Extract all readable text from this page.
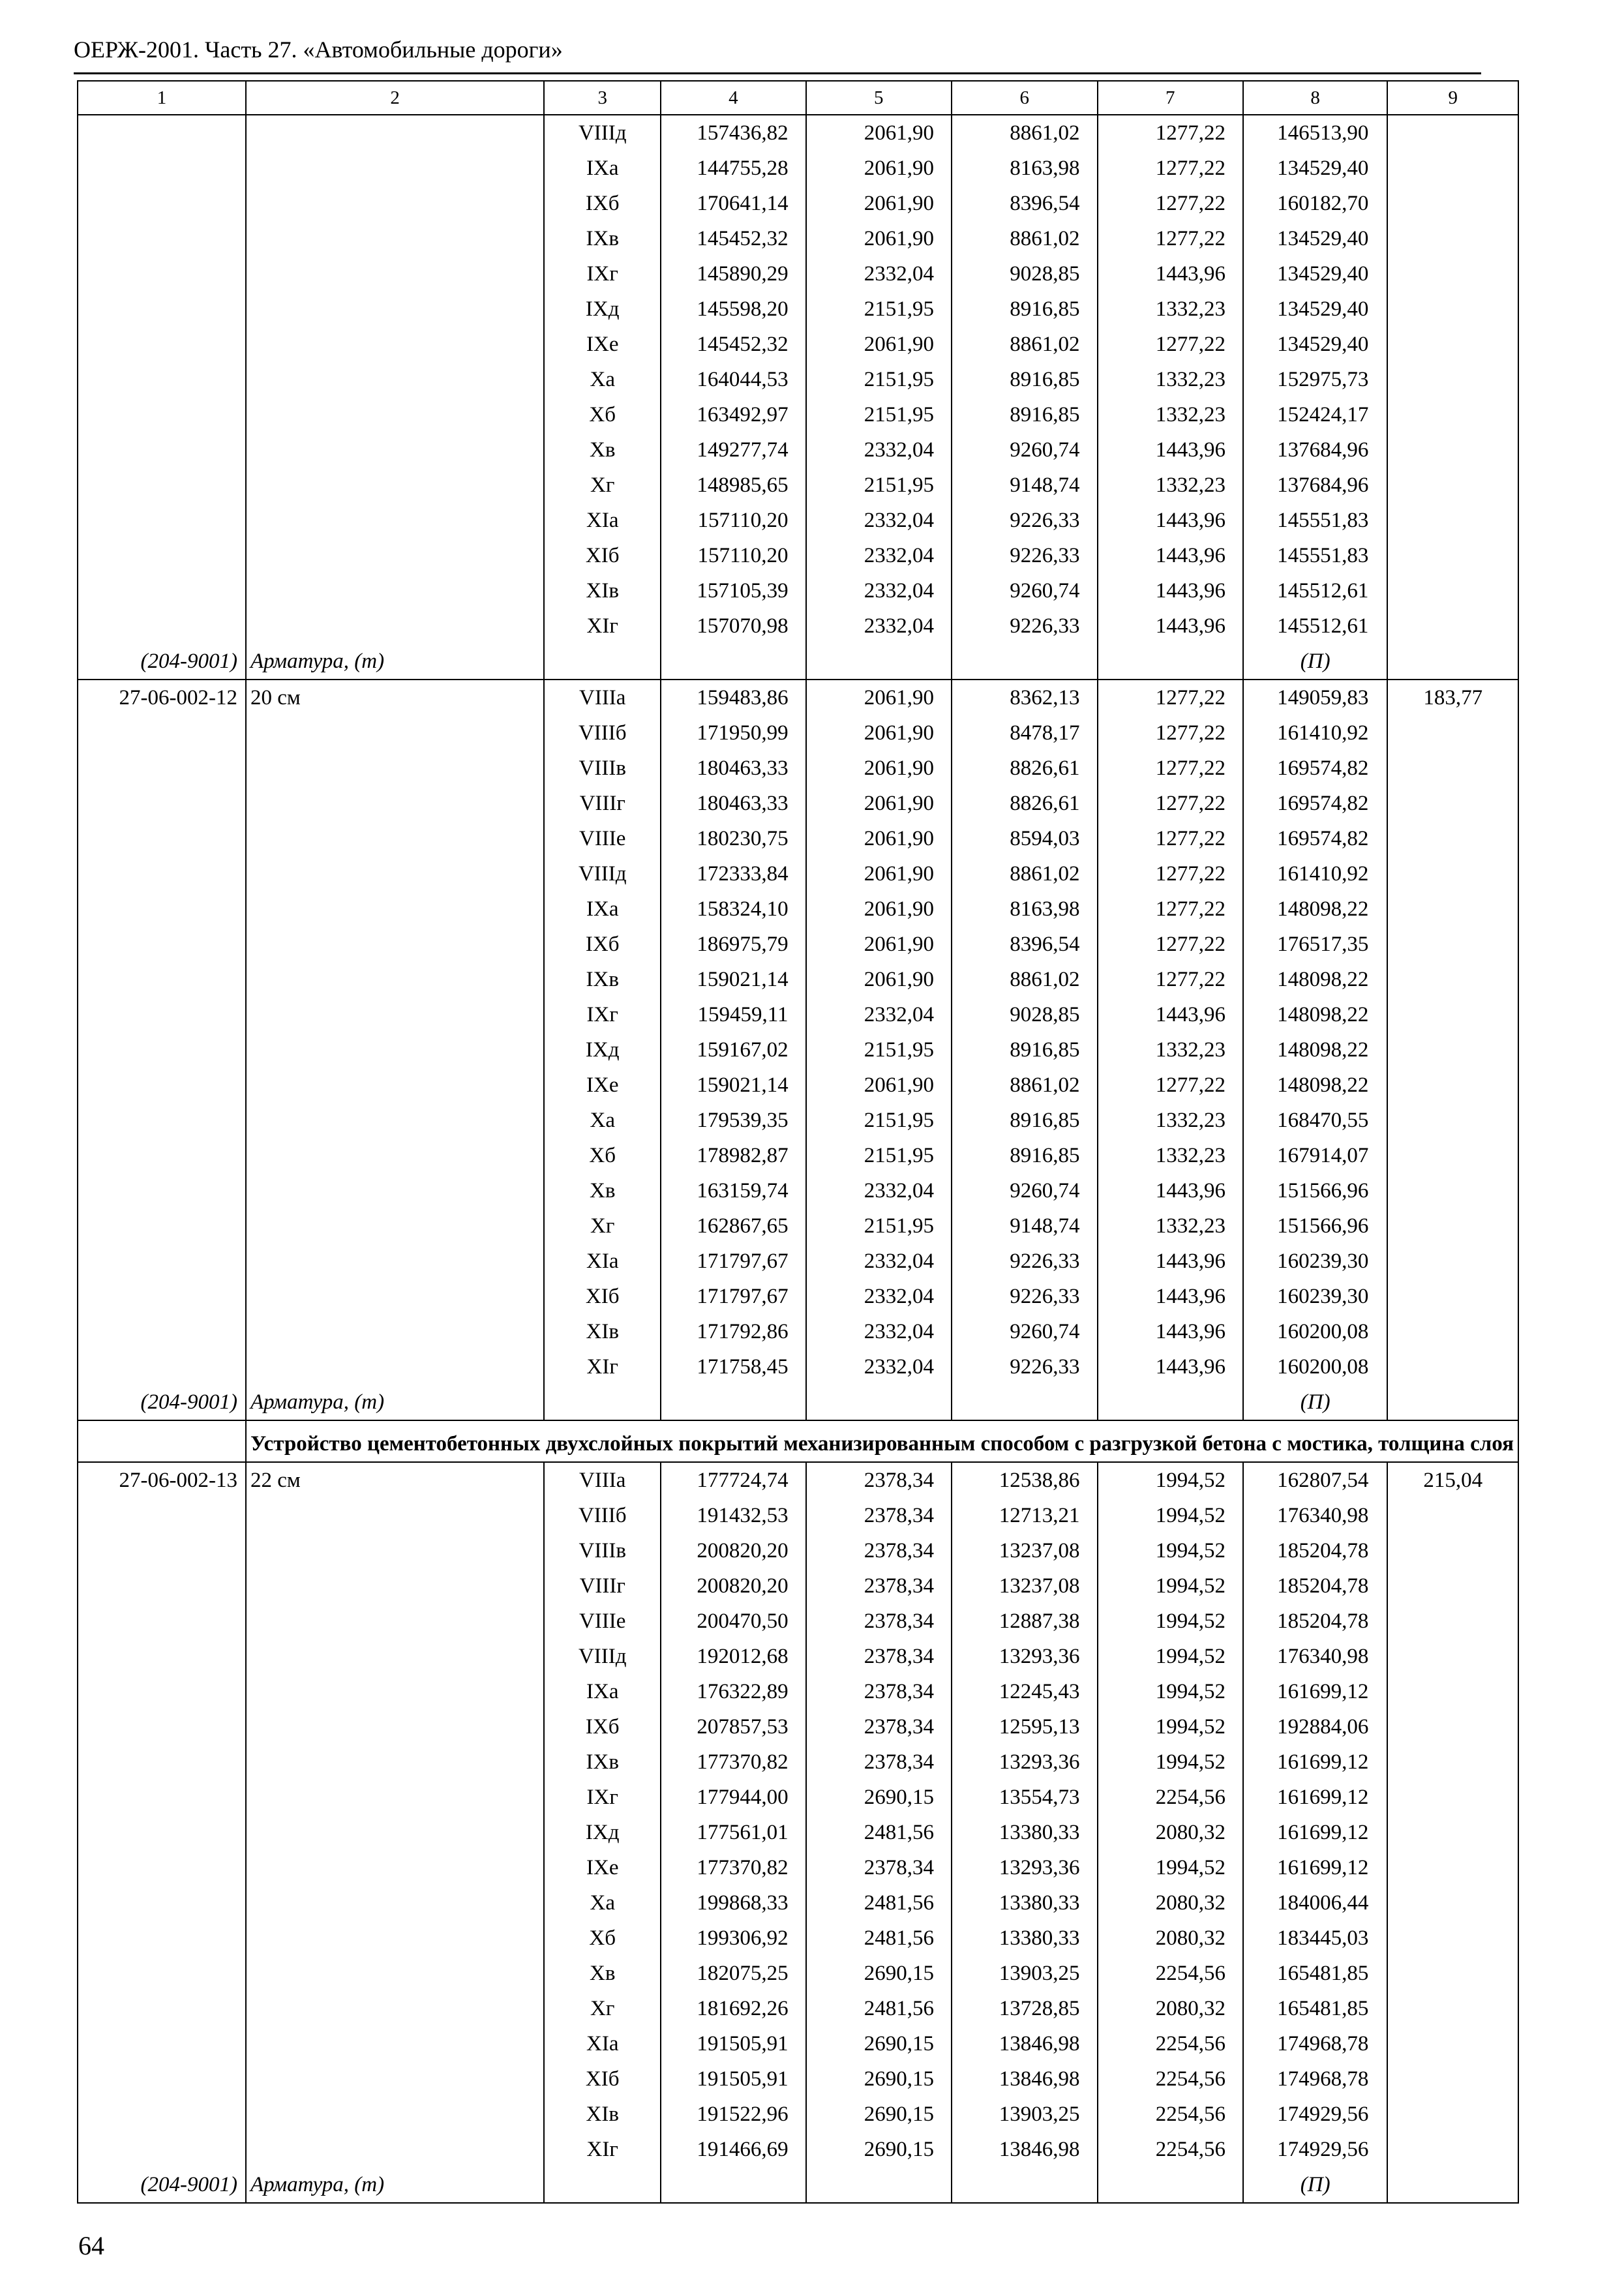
ОЕРЖ-2001. Часть 27. «Автомобильные дороги»
1	2	3	4	5	6	7	8	9
		VIIIд	157436,82	2061,90	8861,02	1277,22	146513,90	
		IXа	144755,28	2061,90	8163,98	1277,22	134529,40	
		IXб	170641,14	2061,90	8396,54	1277,22	160182,70	
		IXв	145452,32	2061,90	8861,02	1277,22	134529,40	
		IXг	145890,29	2332,04	9028,85	1443,96	134529,40	
		IXд	145598,20	2151,95	8916,85	1332,23	134529,40	
		IXе	145452,32	2061,90	8861,02	1277,22	134529,40	
		Xа	164044,53	2151,95	8916,85	1332,23	152975,73	
		Xб	163492,97	2151,95	8916,85	1332,23	152424,17	
		Xв	149277,74	2332,04	9260,74	1443,96	137684,96	
		Xг	148985,65	2151,95	9148,74	1332,23	137684,96	
		XIа	157110,20	2332,04	9226,33	1443,96	145551,83	
		XIб	157110,20	2332,04	9226,33	1443,96	145551,83	
		XIв	157105,39	2332,04	9260,74	1443,96	145512,61	
		XIг	157070,98	2332,04	9226,33	1443,96	145512,61	
(204-9001)	Арматура, (т)						(П)	
27-06-002-12	20 см	VIIIа	159483,86	2061,90	8362,13	1277,22	149059,83	183,77
		VIIIб	171950,99	2061,90	8478,17	1277,22	161410,92	
		VIIIв	180463,33	2061,90	8826,61	1277,22	169574,82	
		VIIIг	180463,33	2061,90	8826,61	1277,22	169574,82	
		VIIIе	180230,75	2061,90	8594,03	1277,22	169574,82	
		VIIIд	172333,84	2061,90	8861,02	1277,22	161410,92	
		IXа	158324,10	2061,90	8163,98	1277,22	148098,22	
		IXб	186975,79	2061,90	8396,54	1277,22	176517,35	
		IXв	159021,14	2061,90	8861,02	1277,22	148098,22	
		IXг	159459,11	2332,04	9028,85	1443,96	148098,22	
		IXд	159167,02	2151,95	8916,85	1332,23	148098,22	
		IXе	159021,14	2061,90	8861,02	1277,22	148098,22	
		Xа	179539,35	2151,95	8916,85	1332,23	168470,55	
		Xб	178982,87	2151,95	8916,85	1332,23	167914,07	
		Xв	163159,74	2332,04	9260,74	1443,96	151566,96	
		Xг	162867,65	2151,95	9148,74	1332,23	151566,96	
		XIа	171797,67	2332,04	9226,33	1443,96	160239,30	
		XIб	171797,67	2332,04	9226,33	1443,96	160239,30	
		XIв	171792,86	2332,04	9260,74	1443,96	160200,08	
		XIг	171758,45	2332,04	9226,33	1443,96	160200,08	
(204-9001)	Арматура, (т)						(П)	
	Устройство цементобетонных двухслойных покрытий механизированным способом с разгрузкой бетона с мостика, толщина слоя							
27-06-002-13	22 см	VIIIа	177724,74	2378,34	12538,86	1994,52	162807,54	215,04
		VIIIб	191432,53	2378,34	12713,21	1994,52	176340,98	
		VIIIв	200820,20	2378,34	13237,08	1994,52	185204,78	
		VIIIг	200820,20	2378,34	13237,08	1994,52	185204,78	
		VIIIе	200470,50	2378,34	12887,38	1994,52	185204,78	
		VIIIд	192012,68	2378,34	13293,36	1994,52	176340,98	
		IXа	176322,89	2378,34	12245,43	1994,52	161699,12	
		IXб	207857,53	2378,34	12595,13	1994,52	192884,06	
		IXв	177370,82	2378,34	13293,36	1994,52	161699,12	
		IXг	177944,00	2690,15	13554,73	2254,56	161699,12	
		IXд	177561,01	2481,56	13380,33	2080,32	161699,12	
		IXе	177370,82	2378,34	13293,36	1994,52	161699,12	
		Xа	199868,33	2481,56	13380,33	2080,32	184006,44	
		Xб	199306,92	2481,56	13380,33	2080,32	183445,03	
		Xв	182075,25	2690,15	13903,25	2254,56	165481,85	
		Xг	181692,26	2481,56	13728,85	2080,32	165481,85	
		XIа	191505,91	2690,15	13846,98	2254,56	174968,78	
		XIб	191505,91	2690,15	13846,98	2254,56	174968,78	
		XIв	191522,96	2690,15	13903,25	2254,56	174929,56	
		XIг	191466,69	2690,15	13846,98	2254,56	174929,56	
(204-9001)	Арматура, (т)						(П)	
64
